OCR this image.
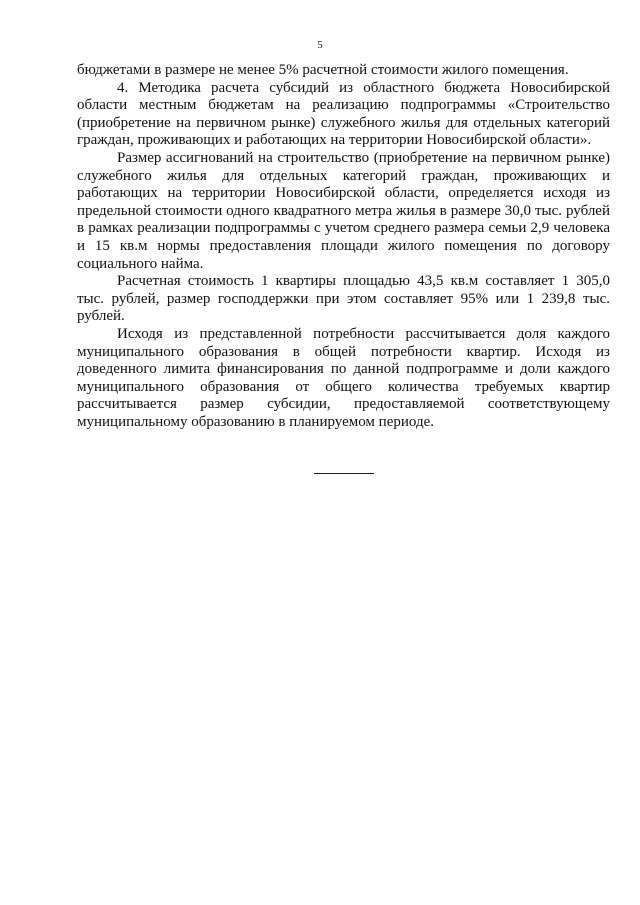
5

бюджетами в размере не менее 5% расчетной стоимости жилого помещения.

4. Методика расчета субсидий из областного бюджета Новосибирской области местным бюджетам на реализацию подпрограммы «Строительство (приобретение на первичном рынке) служебного жилья для отдельных категорий граждан, проживающих и работающих на территории Новосибирской области».

Размер ассигнований на строительство (приобретение на первичном рынке) служебного жилья для отдельных категорий граждан, проживающих и работающих на территории Новосибирской области, определяется исходя из предельной стоимости одного квадратного метра жилья в размере 30,0 тыс. рублей в рамках реализации подпрограммы с учетом среднего размера семьи 2,9 человека и 15 кв.м нормы предоставления площади жилого помещения по договору социального найма.

Расчетная стоимость 1 квартиры площадью 43,5 кв.м составляет 1 305,0 тыс. рублей, размер господдержки при этом составляет 95% или 1 239,8 тыс. рублей.

Исходя из представленной потребности рассчитывается доля каждого муниципального образования в общей потребности квартир. Исходя из доведенного лимита финансирования по данной подпрограмме и доли каждого муниципального образования от общего количества требуемых квартир рассчитывается размер субсидии, предоставляемой соответствующему муниципальному образованию в планируемом периоде.
